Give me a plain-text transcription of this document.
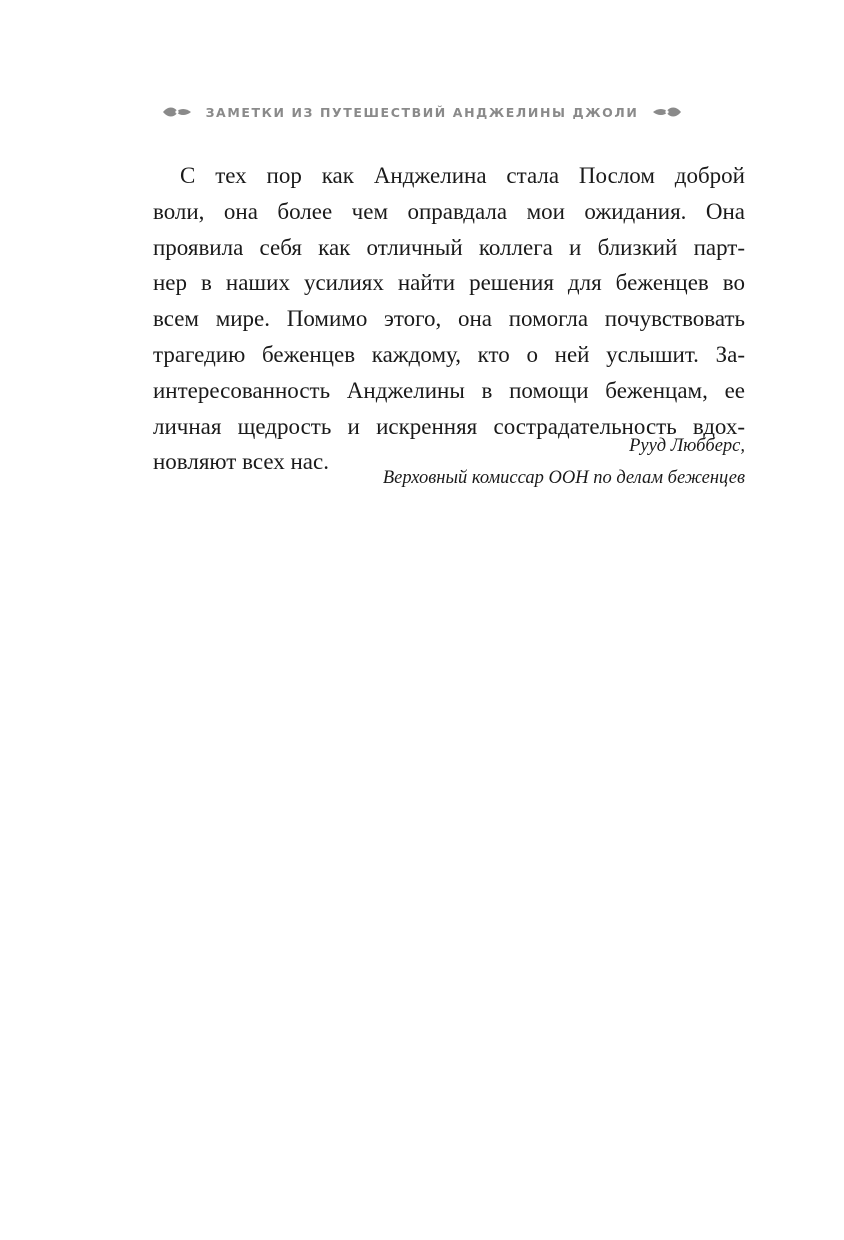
ЗАМЕТКИ ИЗ ПУТЕШЕСТВИЙ АНДЖЕЛИНЫ ДЖОЛИ

С тех пор как Анджелина стала Послом доброй
воли, она более чем оправдала мои ожидания. Она
проявила себя как отличный коллега и близкий парт-
нер в наших усилиях найти решения для беженцев во
всем мире. Помимо этого, она помогла почувствовать
трагедию беженцев каждому, кто о ней услышит. За-
интересованность Анджелины в помощи беженцам, ее
личная щедрость и искренняя сострадательность вдох-
новляют всех нас.

Рууд Любберс,
Верховный комиссар ООН по делам беженцев
